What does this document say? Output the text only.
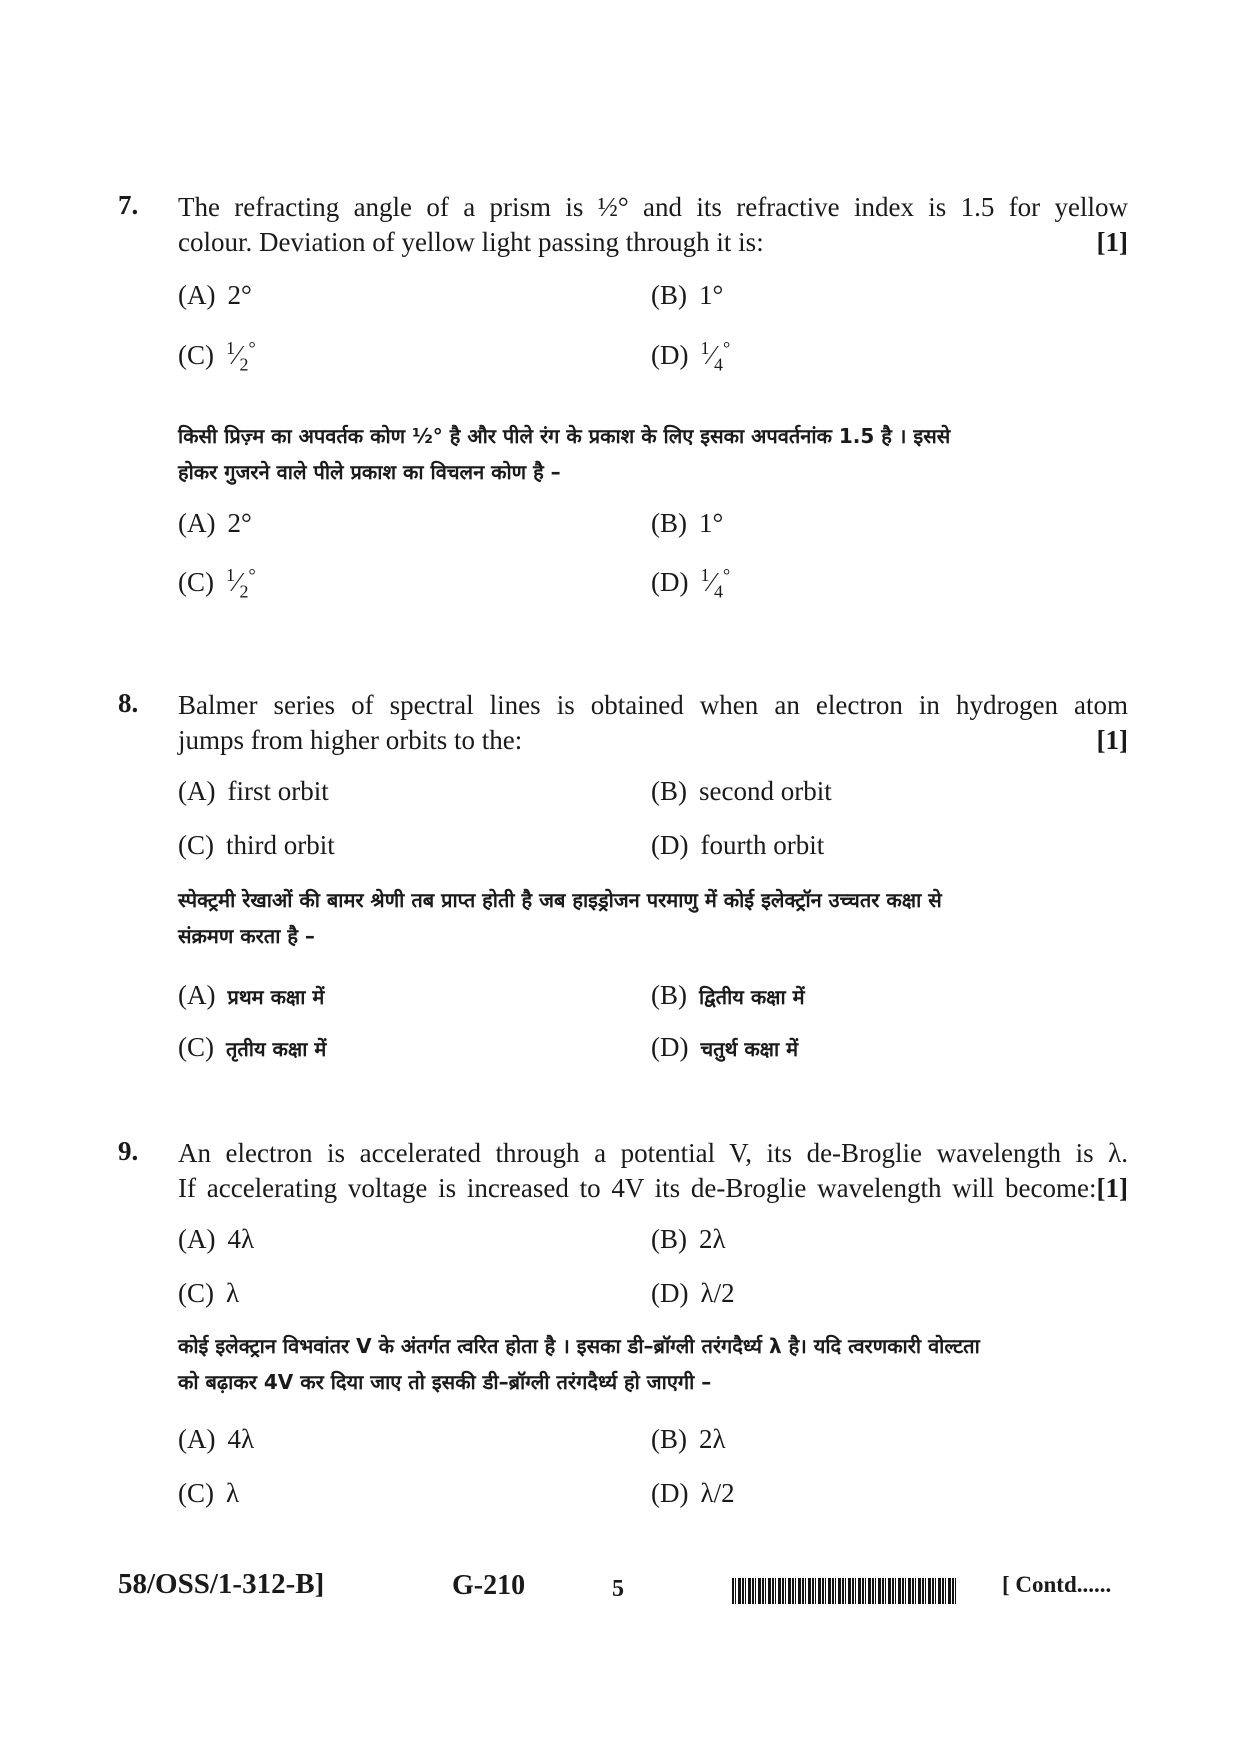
7. The refracting angle of a prism is ½° and its refractive index is 1.5 for yellow
colour. Deviation of yellow light passing through it is:	[1]
(A) 2°	(B) 1°
(C) $^1⁄_2^\circ$	(D) $^1⁄_4^\circ$
किसी प्रिज़्म का अपवर्तक कोण ½° है और पीले रंग के प्रकाश के लिए इसका अपवर्तनांक 1.5 है । इससे
होकर गुजरने वाले पीले प्रकाश का विचलन कोण है –
(A) 2°	(B) 1°
(C) $^1⁄_2^\circ$	(D) $^1⁄_4^\circ$
8. Balmer series of spectral lines is obtained when an electron in hydrogen atom
jumps from higher orbits to the:	[1]
(A) first orbit	(B) second orbit
(C) third orbit	(D) fourth orbit
स्पेक्ट्रमी रेखाओं की बामर श्रेणी तब प्राप्त होती है जब हाइड्रोजन परमाणु में कोई इलेक्ट्रॉन उच्चतर कक्षा से
संक्रमण करता है –
(A) प्रथम कक्षा में	(B) द्वितीय कक्षा में
(C) तृतीय कक्षा में	(D) चतुर्थ कक्षा में
9. An electron is accelerated through a potential V, its de-Broglie wavelength is λ.
If accelerating voltage is increased to 4V its de-Broglie wavelength will become: [1]
(A) 4λ	(B) 2λ
(C) λ	(D) λ/2
कोई इलेक्ट्रान विभवांतर V के अंतर्गत त्वरित होता है । इसका डी–ब्रॉग्ली तरंगदैर्ध्य λ है। यदि त्वरणकारी वोल्टता
को बढ़ाकर 4V कर दिया जाए तो इसकी डी–ब्रॉग्ली तरंगदैर्ध्य हो जाएगी –
(A) 4λ	(B) 2λ
(C) λ	(D) λ/2
58/OSS/1-312-B]	G-210	5	[ Contd......
